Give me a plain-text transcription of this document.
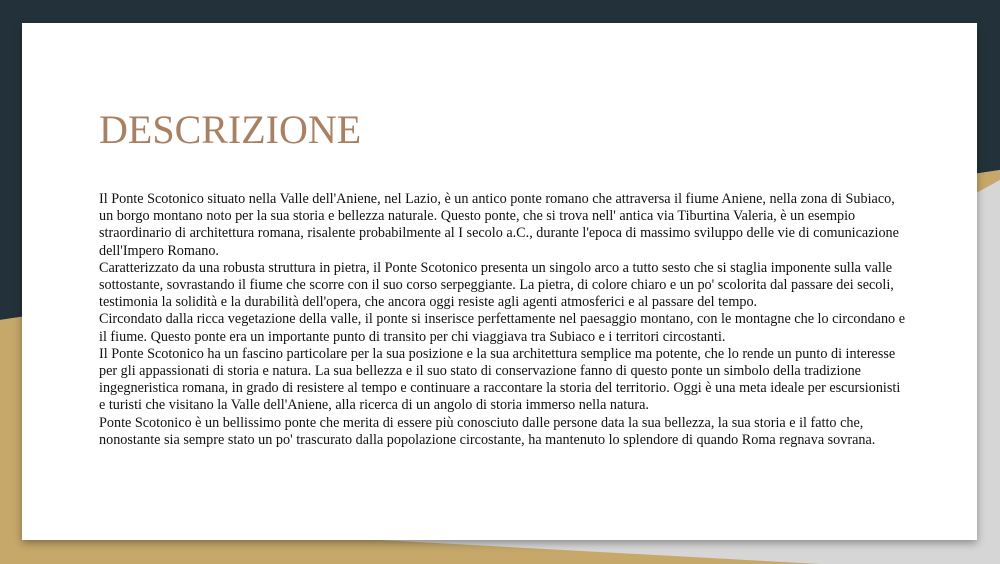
DESCRIZIONE

Il Ponte Scotonico situato nella Valle dell'Aniene, nel Lazio, è un antico ponte romano che attraversa il fiume Aniene, nella zona di Subiaco, un borgo montano noto per la sua storia e bellezza naturale. Questo ponte, che si trova nell' antica via Tiburtina Valeria, è un esempio straordinario di architettura romana, risalente probabilmente al I secolo a.C., durante l'epoca di massimo sviluppo delle vie di comunicazione dell'Impero Romano.

Caratterizzato da una robusta struttura in pietra, il Ponte Scotonico presenta un singolo arco a tutto sesto che si staglia imponente sulla valle sottostante, sovrastando il fiume che scorre con il suo corso serpeggiante. La pietra, di colore chiaro e un po' scolorita dal passare dei secoli, testimonia la solidità e la durabilità dell'opera, che ancora oggi resiste agli agenti atmosferici e al passare del tempo.

Circondato dalla ricca vegetazione della valle, il ponte si inserisce perfettamente nel paesaggio montano, con le montagne che lo circondano e il fiume. Questo ponte era un importante punto di transito per chi viaggiava tra Subiaco e i territori circostanti.

Il Ponte Scotonico ha un fascino particolare per la sua posizione e la sua architettura semplice ma potente, che lo rende un punto di interesse per gli appassionati di storia e natura. La sua bellezza e il suo stato di conservazione fanno di questo ponte un simbolo della tradizione ingegneristica romana, in grado di resistere al tempo e continuare a raccontare la storia del territorio. Oggi è una meta ideale per escursionisti e turisti che visitano la Valle dell'Aniene, alla ricerca di un angolo di storia immerso nella natura.

Ponte Scotonico è un bellissimo ponte che merita di essere più conosciuto dalle persone data la sua bellezza, la sua storia e il fatto che, nonostante sia sempre stato un po' trascurato dalla popolazione circostante, ha mantenuto lo splendore di quando Roma regnava sovrana.
